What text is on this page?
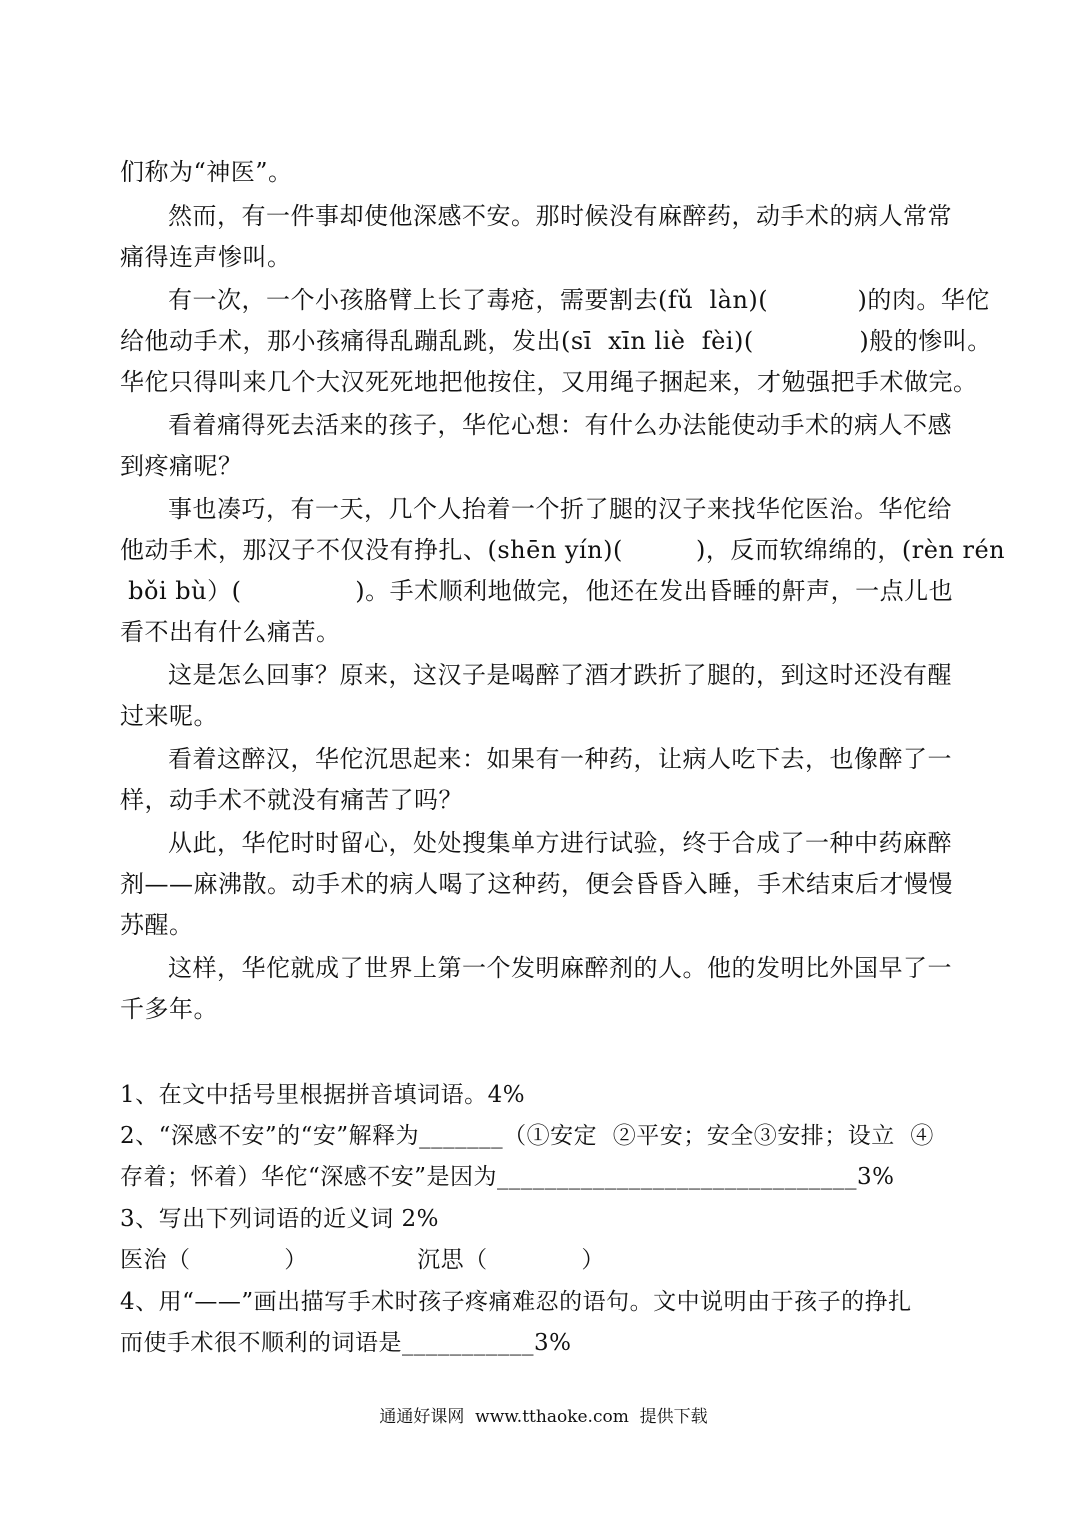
们称为“神医”。
然而，有一件事却使他深感不安。那时候没有麻醉药，动手术的病人常常
痛得连声惨叫。
有一次，一个小孩胳臂上长了毒疮，需要割去(fǔ  làn)(           )的肉。华佗
给他动手术，那小孩痛得乱蹦乱跳，发出(sī  xīn liè  fèi)(             )般的惨叫。
华佗只得叫来几个大汉死死地把他按住，又用绳子捆起来，才勉强把手术做完。
看着痛得死去活来的孩子，华佗心想：有什么办法能使动手术的病人不感
到疼痛呢？
事也凑巧，有一天，几个人抬着一个折了腿的汉子来找华佗医治。华佗给
他动手术，那汉子不仅没有挣扎、(shēn yín)(         )，反而软绵绵的，(rèn rén
bǒi bù）(              )。手术顺利地做完，他还在发出昏睡的鼾声，一点儿也
看不出有什么痛苦。
这是怎么回事？原来，这汉子是喝醉了酒才跌折了腿的，到这时还没有醒
过来呢。
看着这醉汉，华佗沉思起来：如果有一种药，让病人吃下去，也像醉了一
样，动手术不就没有痛苦了吗？
从此，华佗时时留心，处处搜集单方进行试验，终于合成了一种中药麻醉
剂——麻沸散。动手术的病人喝了这种药，便会昏昏入睡，手术结束后才慢慢
苏醒。
这样，华佗就成了世界上第一个发明麻醉剂的人。他的发明比外国早了一
千多年。
1、在文中括号里根据拼音填词语。4%
2、“深感不安”的“安”解释为_______（①安定  ②平安；安全③安排；设立  ④
存着；怀着）华佗“深感不安”是因为______________________________3%
3、写出下列词语的近义词 2%
医治（            ）              沉思（            ）
4、用“——”画出描写手术时孩子疼痛难忍的语句。文中说明由于孩子的挣扎
而使手术很不顺利的词语是___________3%
通通好课网  www.tthaoke.com  提供下载
